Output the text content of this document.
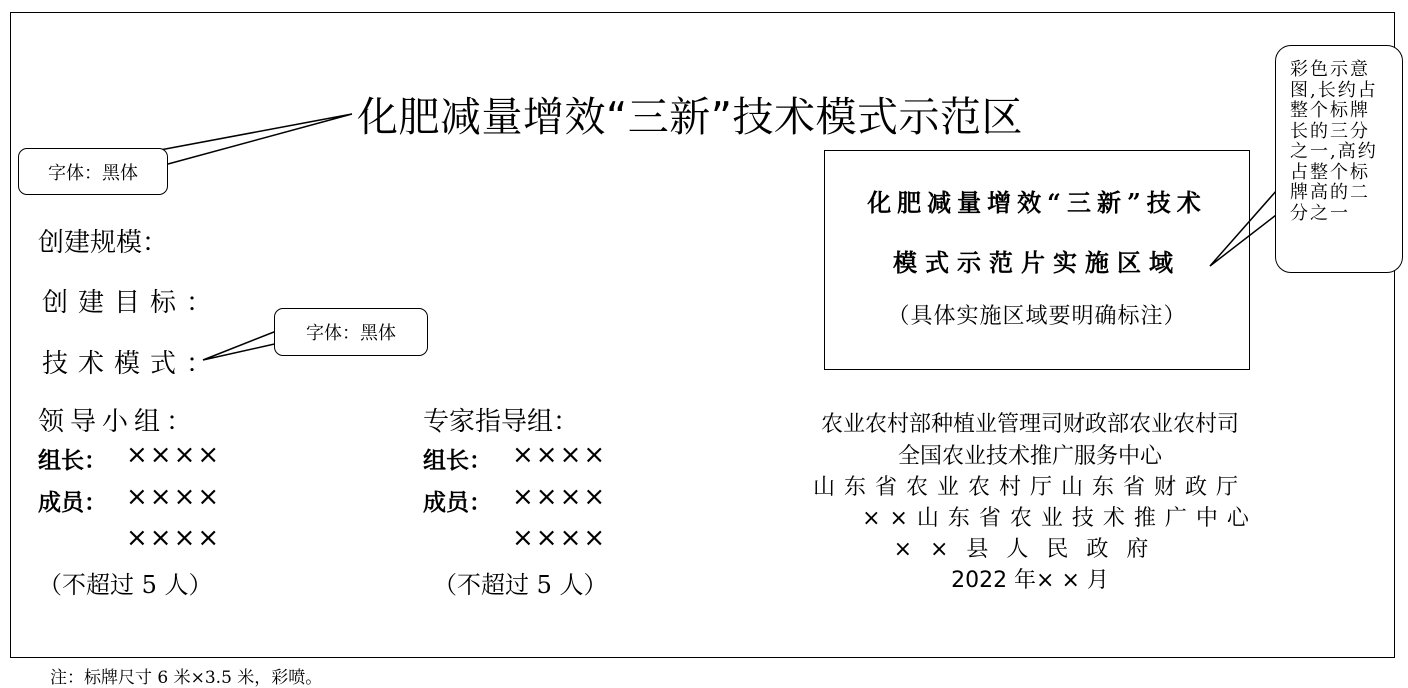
化肥减量增效“三新”技术模式示范区
字体：黑体
字体：黑体
创建规模：
创建目标：
技术模式：
领导小组：
组长： ××××
成员： ××××
××××
（不超过 5 人）
专家指导组：
组长： ××××
成员： ××××
××××
（不超过 5 人）
化肥减量增效“三新”技术
模式示范片实施区域
（具体实施区域要明确标注）
彩色示意
图,长约占
整个标牌
长的三分
之一,高约
占整个标
牌高的二
分之一
农业农村部种植业管理司财政部农业农村司
全国农业技术推广服务中心
山东省农业农村厅山东省财政厅
××山东省农业技术推广中心
××县人民政府
2022 年× × 月
注：标牌尺寸 6 米×3.5 米，彩喷。
